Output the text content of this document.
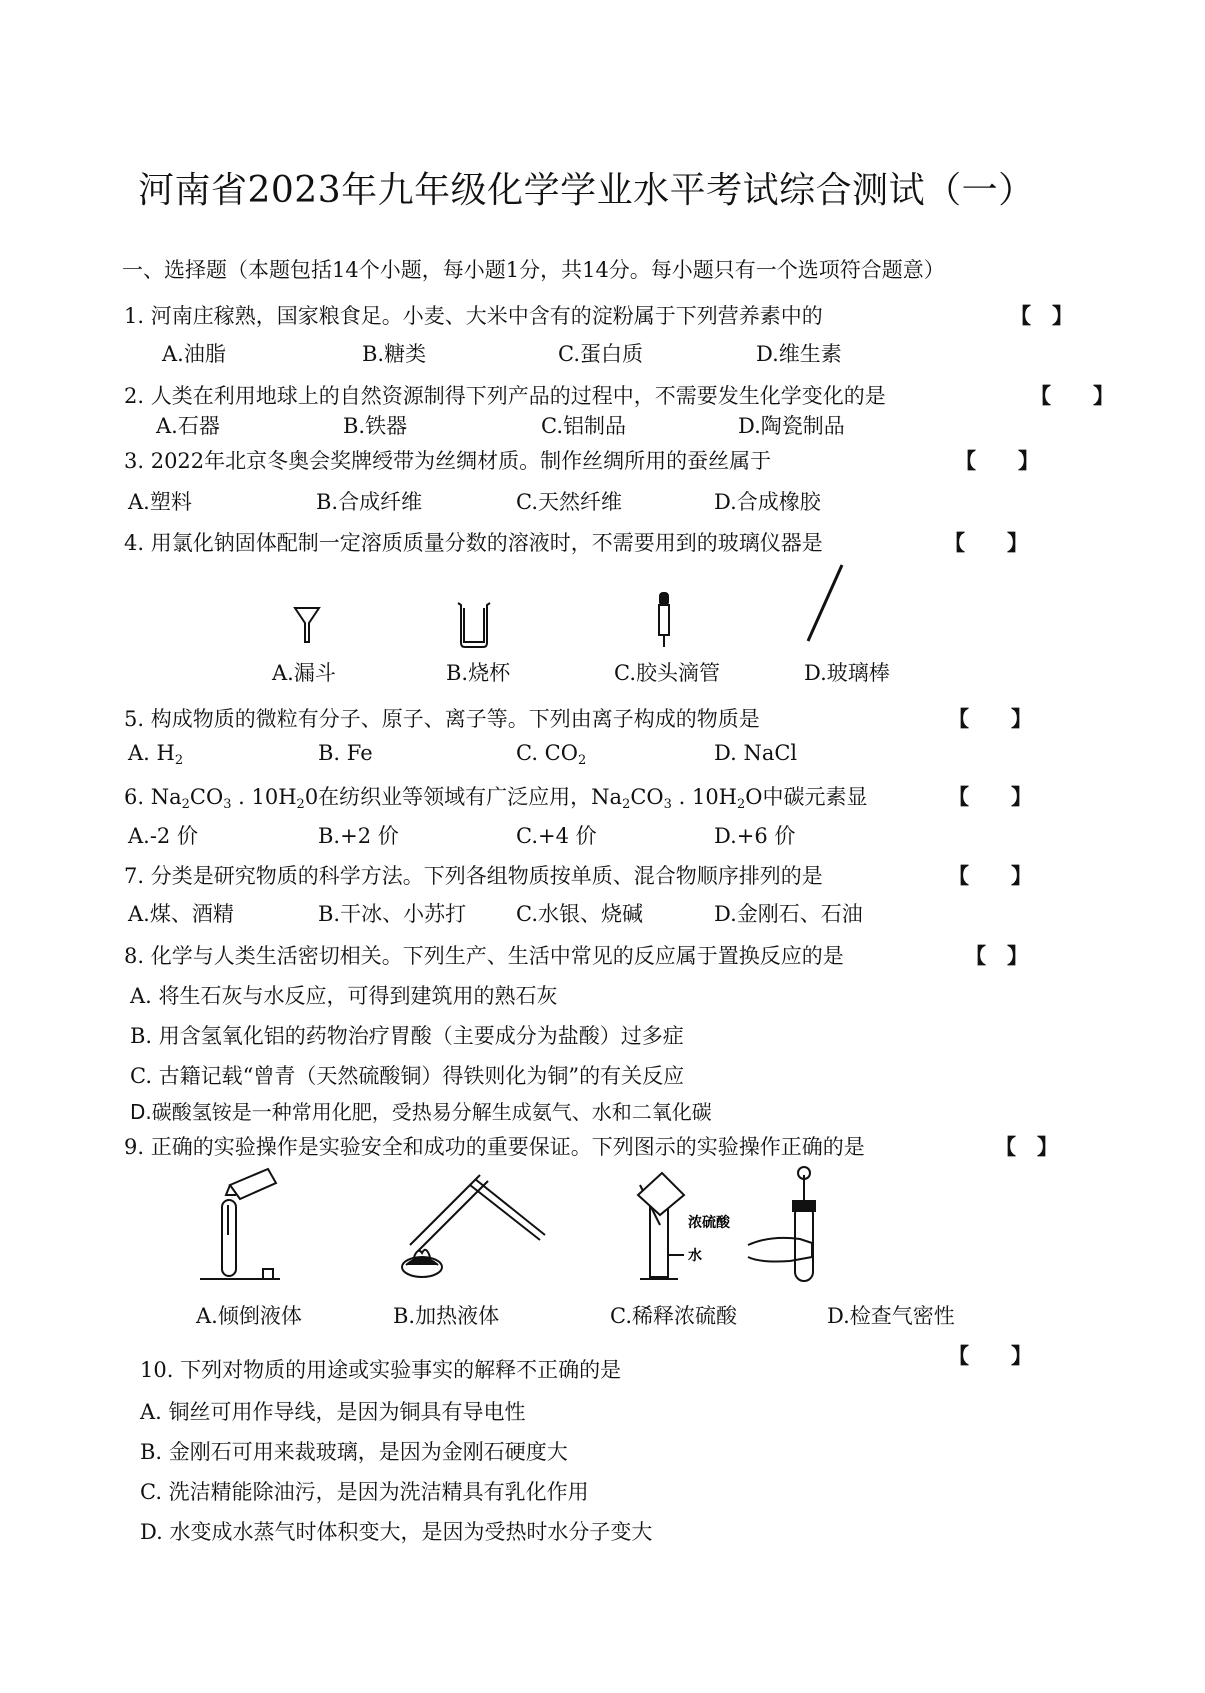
河南省2023年九年级化学学业水平考试综合测试（一）
一、选择题（本题包括14个小题，每小题1分，共14分。每小题只有一个选项符合题意）
1. 河南庄稼熟，国家粮食足。小麦、大米中含有的淀粉属于下列营养素中的	【　】
A.油脂	B.糖类	C.蛋白质	D.维生素
2. 人类在利用地球上的自然资源制得下列产品的过程中，不需要发生化学变化的是	【　　】
A.石器	B.铁器	C.铝制品	D.陶瓷制品
3. 2022年北京冬奥会奖牌绶带为丝绸材质。制作丝绸所用的蚕丝属于	【　　】
A.塑料	B.合成纤维	C.天然纤维	D.合成橡胶
4. 用氯化钠固体配制一定溶质质量分数的溶液时，不需要用到的玻璃仪器是	【　　】
A.漏斗	B.烧杯	C.胶头滴管	D.玻璃棒
5. 构成物质的微粒有分子、原子、离子等。下列由离子构成的物质是	【　　】
A. $H_2$	B. Fe	C. $CO_2$	D. NaCl
6. $Na_2CO_3$ . $10H_20$在纺织业等领域有广泛应用，$Na_2CO_3$ . $10H_2O$中碳元素显	【　　】
A.-2 价	B.+2 价	C.+4 价	D.+6 价
7. 分类是研究物质的科学方法。下列各组物质按单质、混合物顺序排列的是	【　　】
A.煤、酒精	B.干冰、小苏打 C.水银、烧碱	D.金刚石、石油
8. 化学与人类生活密切相关。下列生产、生活中常见的反应属于置换反应的是	【　】
A. 将生石灰与水反应，可得到建筑用的熟石灰
B. 用含氢氧化铝的药物治疗胃酸（主要成分为盐酸）过多症
C. 古籍记载“曾青（天然硫酸铜）得铁则化为铜”的有关反应
D.碳酸氢铵是一种常用化肥，受热易分解生成氨气、水和二氧化碳
9. 正确的实验操作是实验安全和成功的重要保证。下列图示的实验操作正确的是	【　】
浓硫酸
水
A.倾倒液体	B.加热液体	C.稀释浓硫酸	D.检查气密性
10. 下列对物质的用途或实验事实的解释不正确的是
【　　】
A. 铜丝可用作导线，是因为铜具有导电性
B. 金刚石可用来裁玻璃，是因为金刚石硬度大
C. 洗洁精能除油污，是因为洗洁精具有乳化作用
D. 水变成水蒸气时体积变大，是因为受热时水分子变大
